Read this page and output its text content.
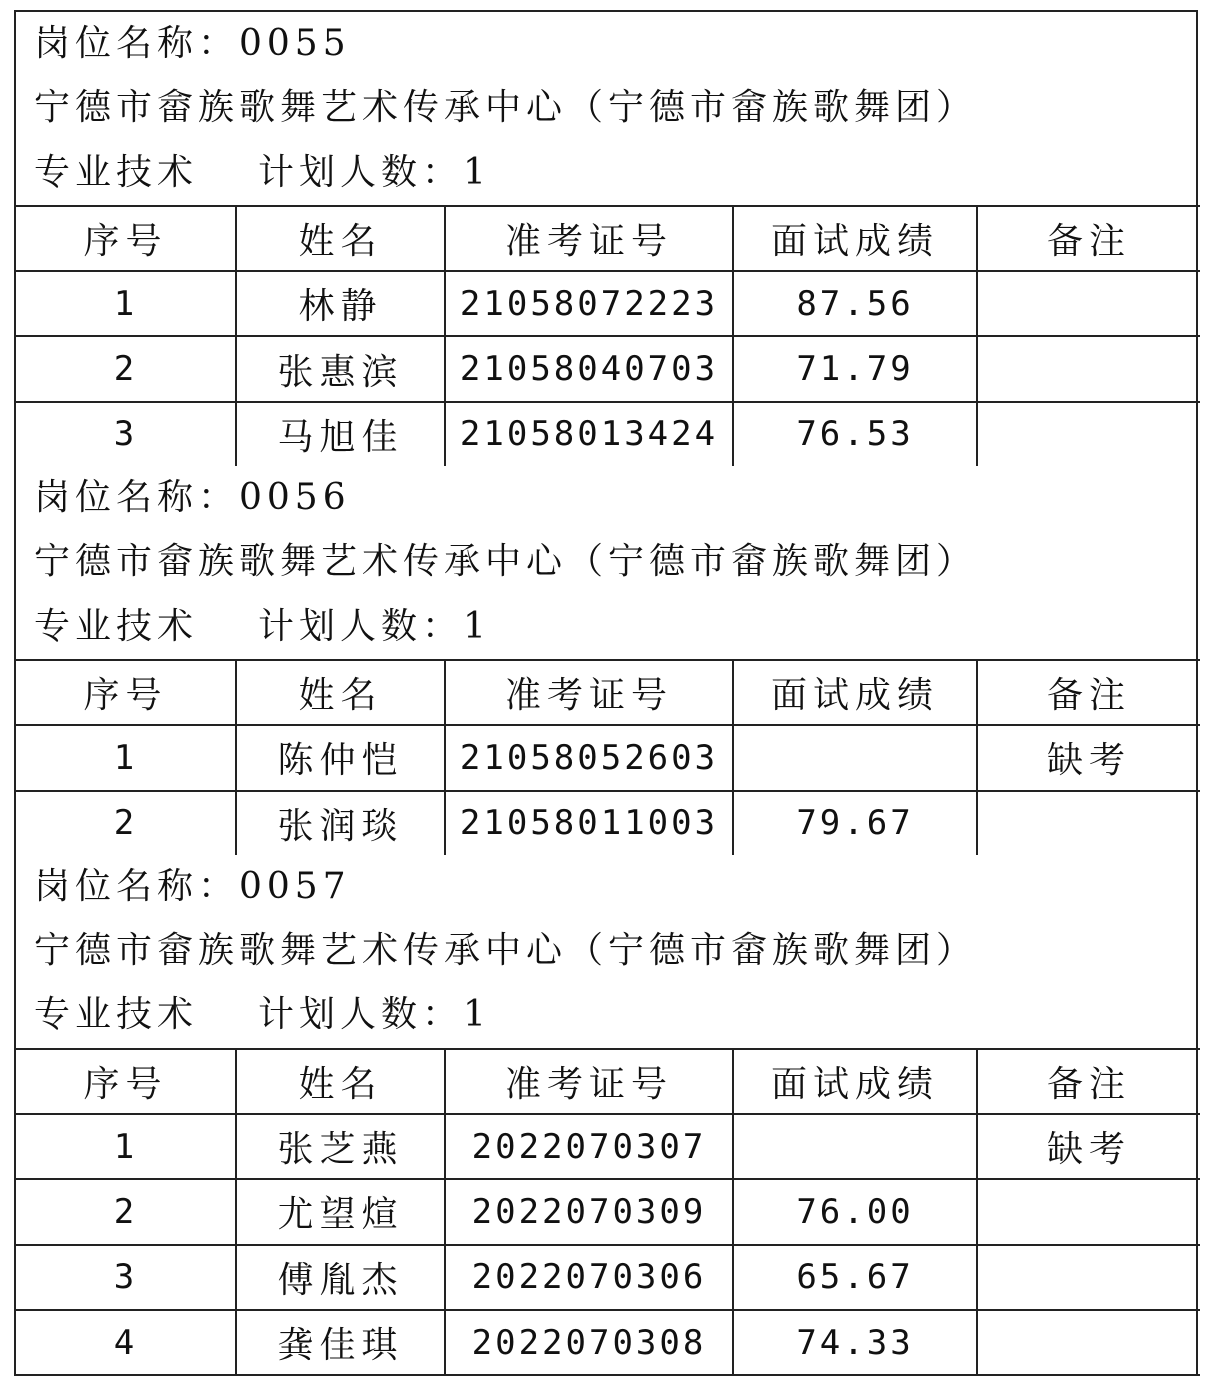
岗位名称：0055
宁德市畲族歌舞艺术传承中心（宁德市畲族歌舞团）
专业技术 计划人数：1
序号	姓名	准考证号	面试成绩	备注
1	林静	21058072223	87.56	
2	张惠滨	21058040703	71.79	
3	马旭佳	21058013424	76.53	
岗位名称：0056
宁德市畲族歌舞艺术传承中心（宁德市畲族歌舞团）
专业技术 计划人数：1
序号	姓名	准考证号	面试成绩	备注
1	陈仲恺	21058052603		缺考
2	张润琰	21058011003	79.67	
岗位名称：0057
宁德市畲族歌舞艺术传承中心（宁德市畲族歌舞团）
专业技术 计划人数：1
序号	姓名	准考证号	面试成绩	备注
1	张芝燕	2022070307		缺考
2	尤望煊	2022070309	76.00	
3	傅胤杰	2022070306	65.67	
4	龚佳琪	2022070308	74.33	
